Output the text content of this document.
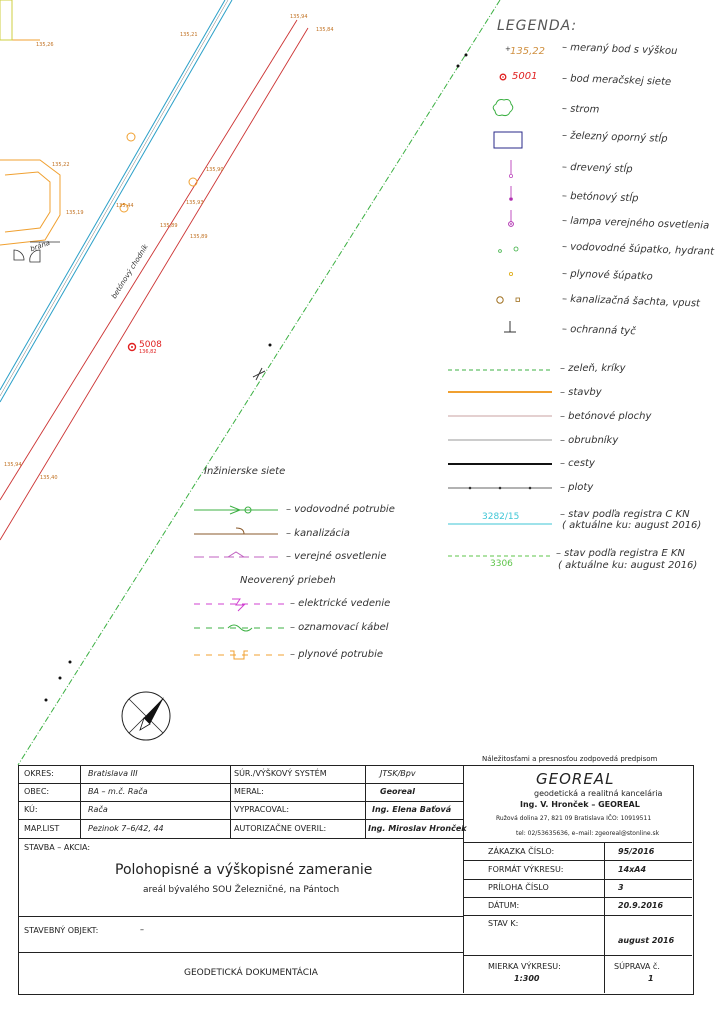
+
betónový chodník
brána
5008
136,82
135,26
135,44
135,94
135,84
135,90
135,93
135,89
135,89
135,94
135,21
135,40
135,19
135,22
LEGENDA:
135,22
5001
– meraný bod s výškou
– bod meračskej siete
– strom
– železný oporný stĺp
– drevený stĺp
– betónový stĺp
– lampa verejného osvetlenia
– vodovodné šúpatko, hydrant
– plynové šúpatko
– kanalizačná šachta, vpust
– ochranná tyč
– zeleň, kríky
– stavby
– betónové plochy
– obrubníky
– cesty
– ploty
3282/15	– stav podľa registra C KN
( aktuálne ku: august 2016)
3306
– stav podľa registra E KN
( aktuálne ku: august 2016)
Inžinierske siete
– vodovodné potrubie
– kanalizácia
– verejné osvetlenie
Neoverený priebeh
– elektrické vedenie
– oznamovací kábel
– plynové potrubie
Náležitosťami a presnosťou zodpovedá predpisom
OKRES:	Bratislava III
OBEC:	BA – m.č. Rača
KÚ:	Rača
MAP.LIST	Pezinok 7–6/42, 44
SÚR./VÝŠKOVÝ SYSTÉM	JTSK/Bpv
MERAL:	Georeal
VYPRACOVAL:	Ing. Elena Baťová
AUTORIZAČNE OVERIL:	Ing. Miroslav Hronček
GEOREAL
geodetická a realitná kancelária
Ing. V. Hronček – GEOREAL
Ružová dolina 27, 821 09 Bratislava IČO: 10919511
tel: 02/53635636, e–mail: zgeoreal@stonline.sk
STAVBA – AKCIA:
Polohopisné a výškopisné zameranie
areál bývalého SOU Železničné, na Pántoch
STAVEBNÝ OBJEKT:	–
GEODETICKÁ DOKUMENTÁCIA
ZÁKAZKA ČÍSLO:	95/2016
FORMÁT VÝKRESU:	14xA4
PRÍLOHA ČÍSLO	3
DÁTUM:	20.9.2016
STAV K:
august 2016
MIERKA VÝKRESU:
1:300
SÚPRAVA č.
1
